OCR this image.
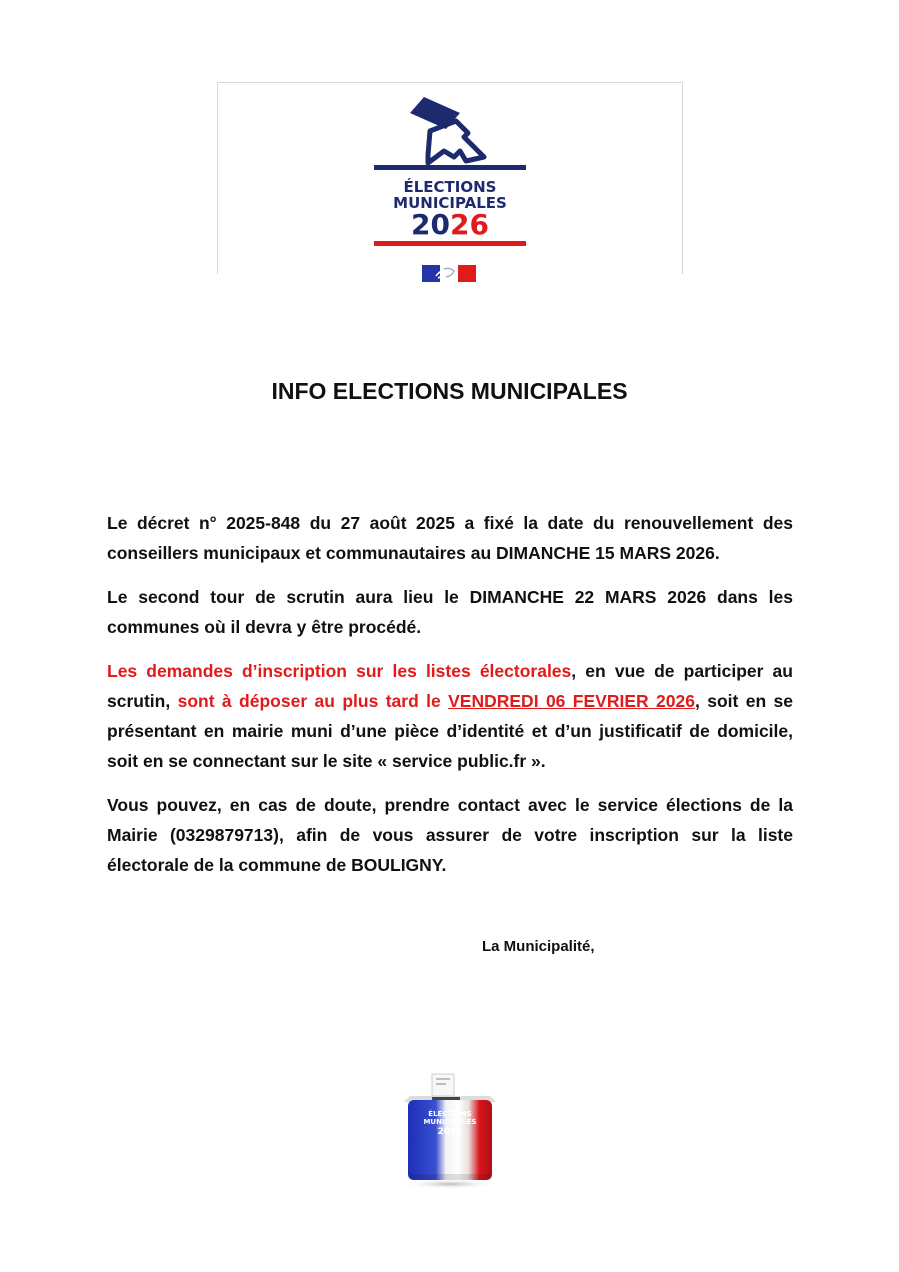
ÉLECTIONS
MUNICIPALES
2026
INFO ELECTIONS MUNICIPALES

Le décret n° 2025-848 du 27 août 2025 a fixé la date du renouvellement des conseillers municipaux et communautaires au DIMANCHE 15 MARS 2026.

Le second tour de scrutin aura lieu le DIMANCHE 22 MARS 2026 dans les communes où il devra y être procédé.

Les demandes d’inscription sur les listes électorales, en vue de participer au scrutin, sont à déposer au plus tard le VENDREDI 06 FEVRIER 2026, soit en se présentant en mairie muni d’une pièce d’identité et d’un justificatif de domicile, soit en se connectant sur le site « service public.fr ».

Vous pouvez, en cas de doute, prendre contact avec le service élections de la Mairie (0329879713), afin de vous assurer de votre inscription sur la liste électorale de la commune de BOULIGNY.

La Municipalité,
ÉLECTIONS
MUNICIPALES
2026
